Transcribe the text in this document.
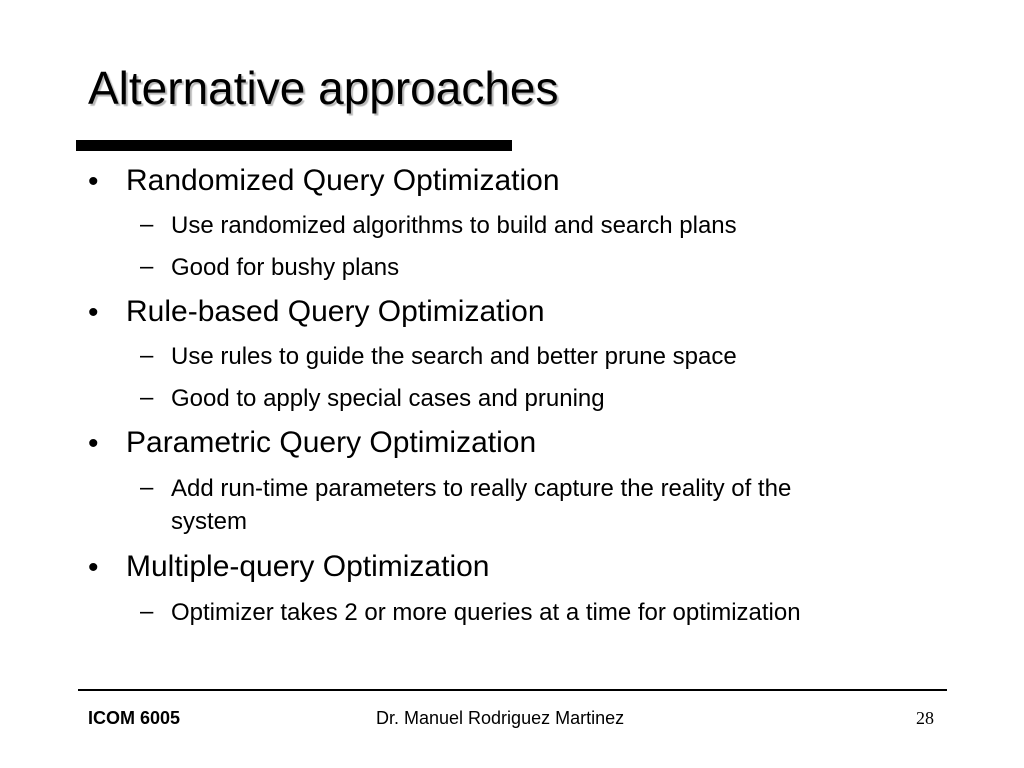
Alternative approaches
• Randomized Query Optimization
– Use randomized algorithms to build and search plans
– Good for bushy plans
• Rule-based Query Optimization
– Use rules to guide the search and better prune space
– Good to apply special cases and pruning
• Parametric Query Optimization
– Add run-time parameters to really capture the reality of the
system
• Multiple-query Optimization
– Optimizer takes 2 or more queries at a time for optimization
ICOM 6005	Dr. Manuel Rodriguez Martinez	28
